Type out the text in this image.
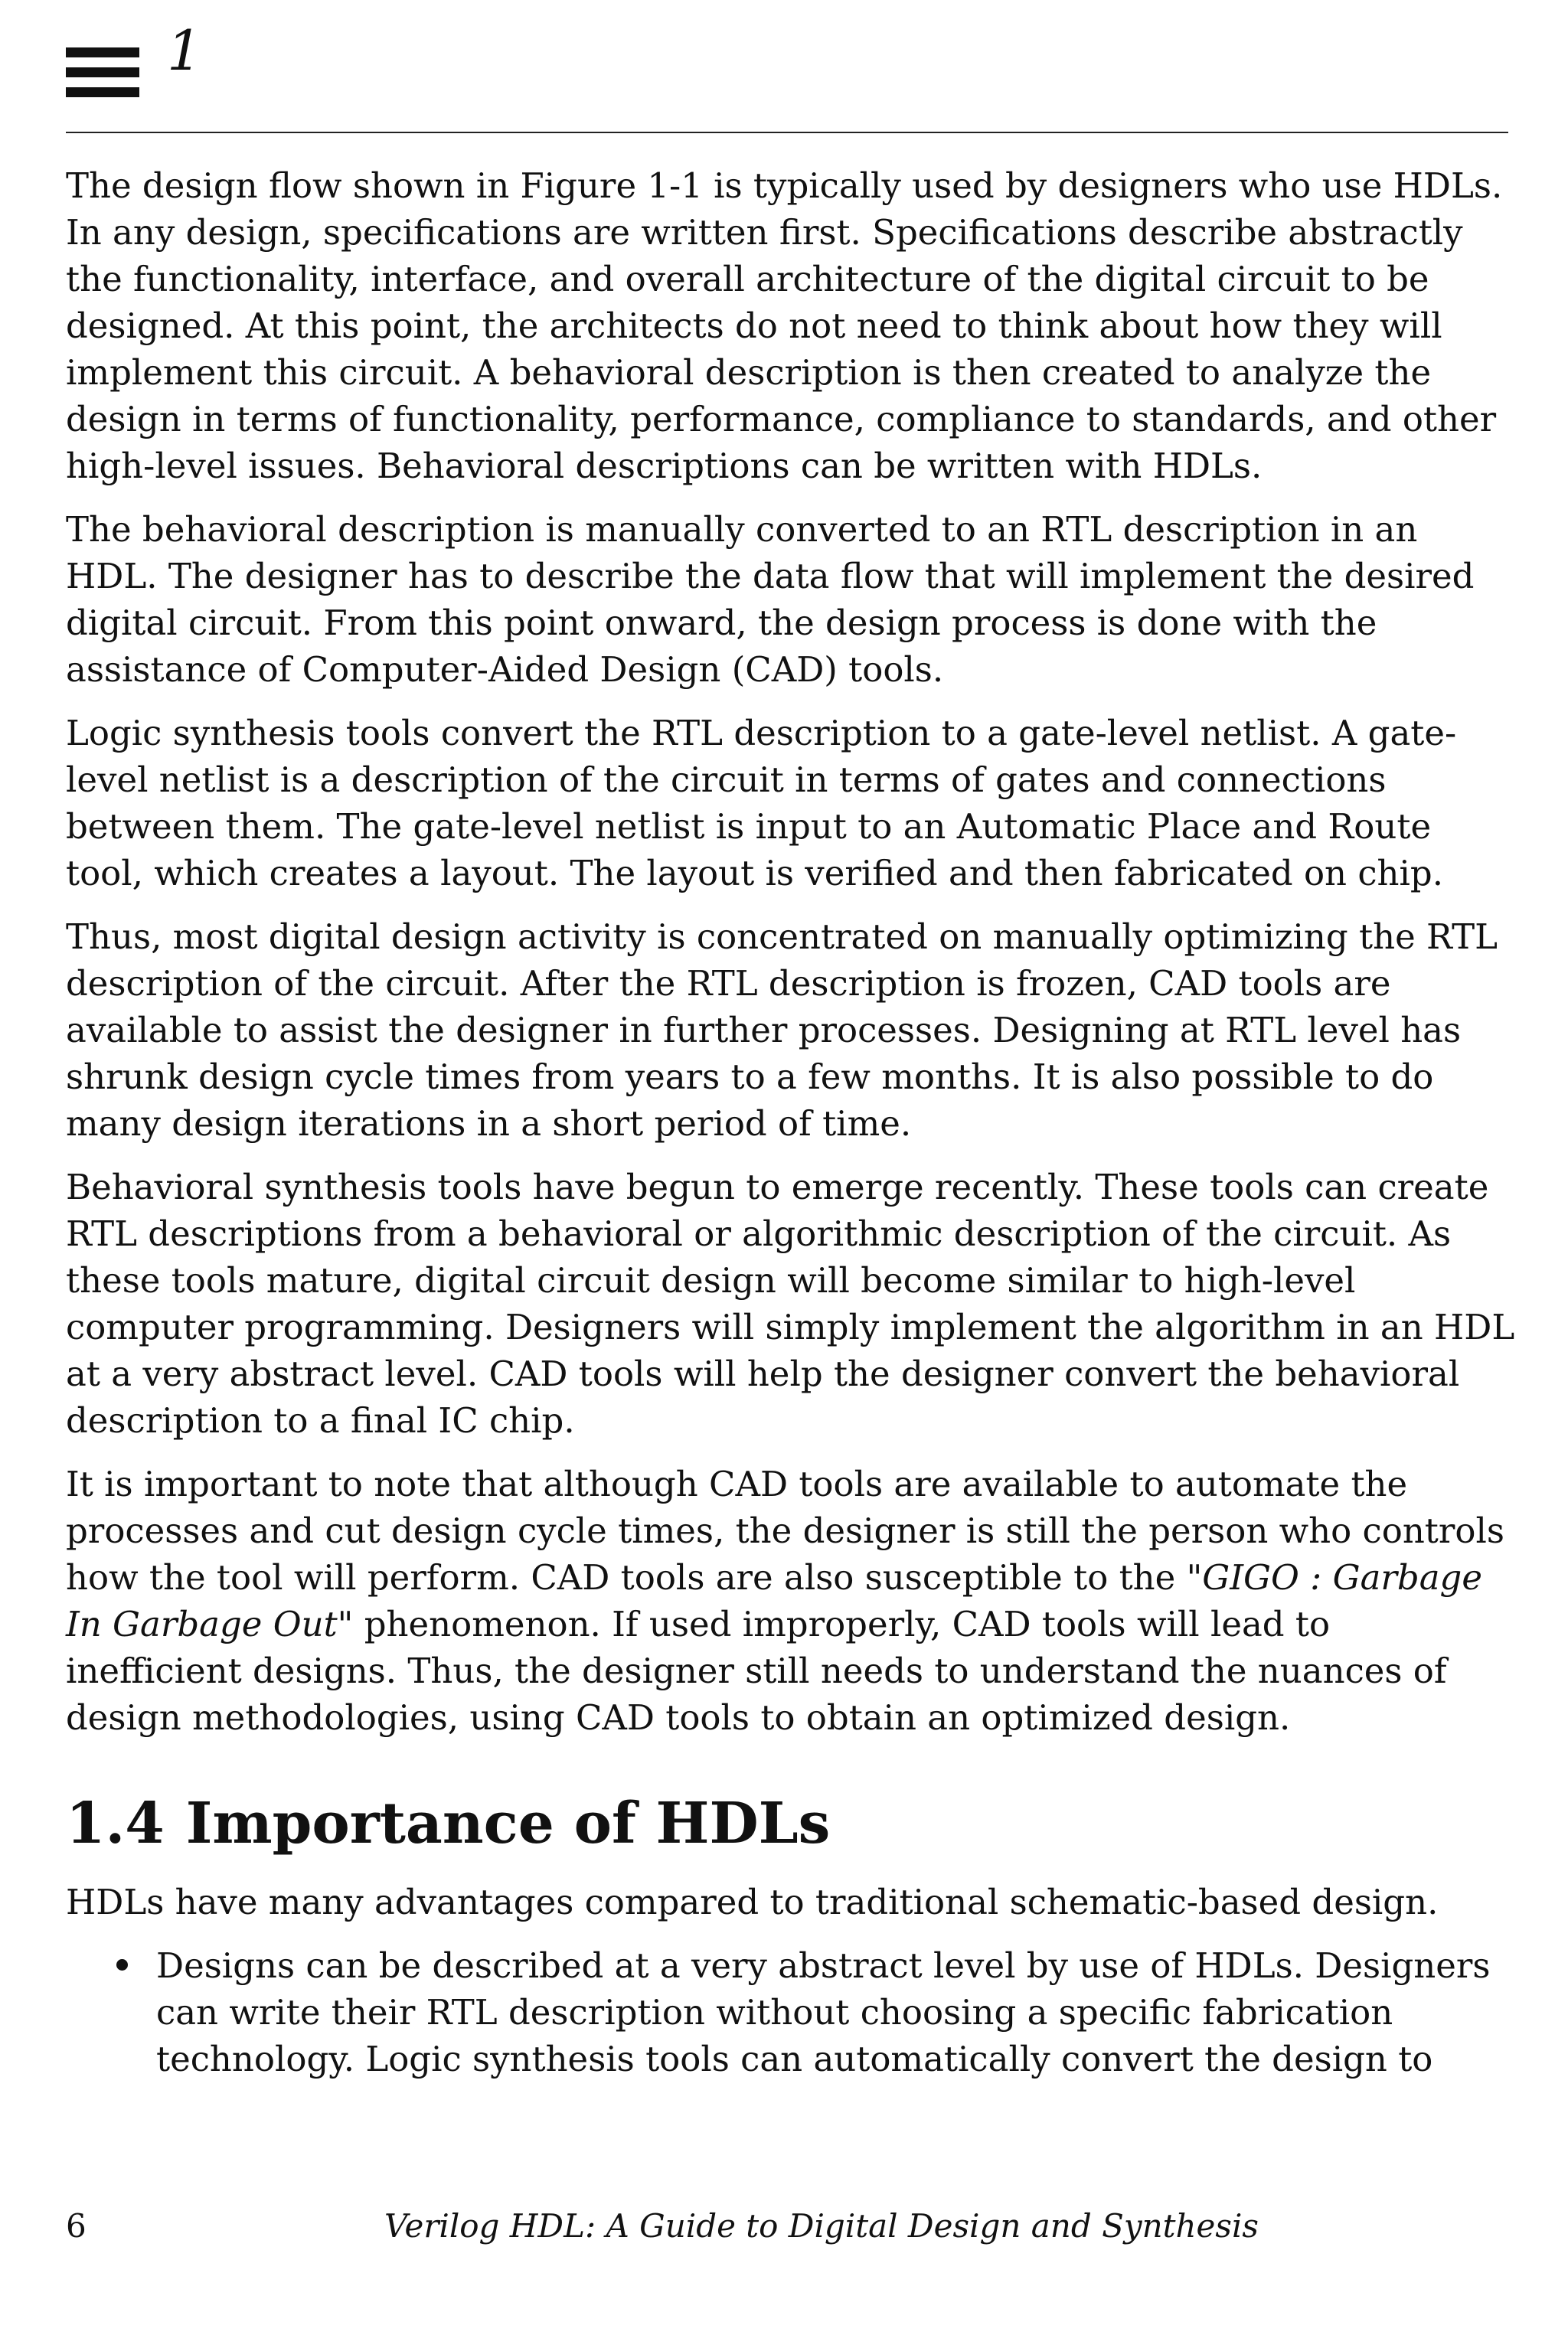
1

The design flow shown in Figure 1-1 is typically used by designers who use HDLs. In any design, specifications are written first. Specifications describe abstractly the functionality, interface, and overall architecture of the digital circuit to be designed. At this point, the architects do not need to think about how they will implement this circuit. A behavioral description is then created to analyze the design in terms of functionality, performance, compliance to standards, and other high-level issues. Behavioral descriptions can be written with HDLs.

The behavioral description is manually converted to an RTL description in an HDL. The designer has to describe the data flow that will implement the desired digital circuit. From this point onward, the design process is done with the assistance of Computer-Aided Design (CAD) tools.

Logic synthesis tools convert the RTL description to a gate-level netlist. A gate-level netlist is a description of the circuit in terms of gates and connections between them. The gate-level netlist is input to an Automatic Place and Route tool, which creates a layout. The layout is verified and then fabricated on chip.

Thus, most digital design activity is concentrated on manually optimizing the RTL description of the circuit. After the RTL description is frozen, CAD tools are available to assist the designer in further processes. Designing at RTL level has shrunk design cycle times from years to a few months. It is also possible to do many design iterations in a short period of time.

Behavioral synthesis tools have begun to emerge recently. These tools can create RTL descriptions from a behavioral or algorithmic description of the circuit. As these tools mature, digital circuit design will become similar to high-level computer programming. Designers will simply implement the algorithm in an HDL at a very abstract level. CAD tools will help the designer convert the behavioral description to a final IC chip.

It is important to note that although CAD tools are available to automate the processes and cut design cycle times, the designer is still the person who controls how the tool will perform. CAD tools are also susceptible to the "GIGO : Garbage In Garbage Out" phenomenon. If used improperly, CAD tools will lead to inefficient designs. Thus, the designer still needs to understand the nuances of design methodologies, using CAD tools to obtain an optimized design.

1.4 Importance of HDLs

HDLs have many advantages compared to traditional schematic-based design.

Designs can be described at a very abstract level by use of HDLs. Designers can write their RTL description without choosing a specific fabrication technology. Logic synthesis tools can automatically convert the design to
6	Verilog HDL: A Guide to Digital Design and Synthesis
